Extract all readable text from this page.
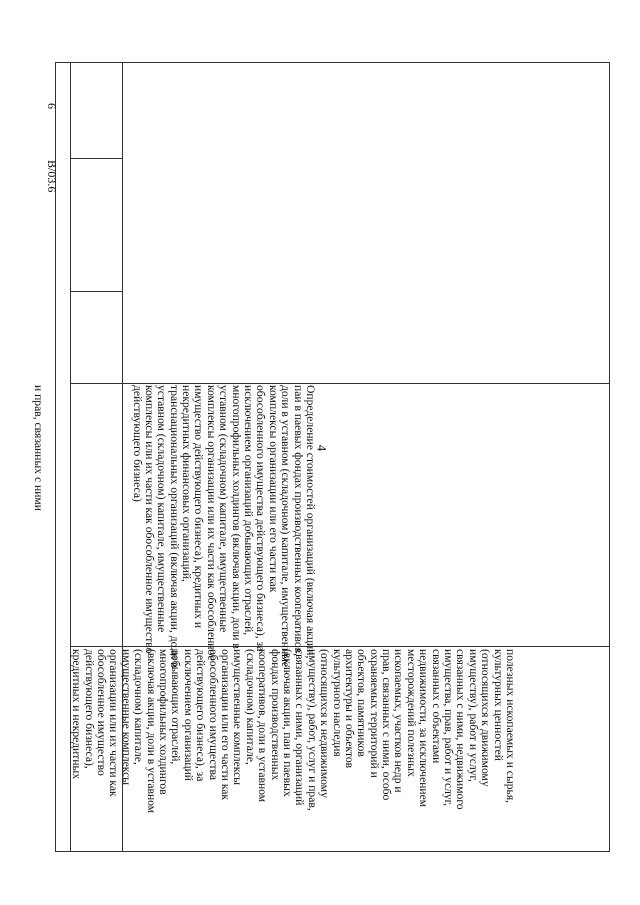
4

и прав, связанных с ними

полезных ископаемых и сырья,
культурных ценностей
(относящихся к движимому
имуществу), работ и услуг,
связанных с ними, недвижимого
имущества, прав, работ и услуг,
связанных с объектами
недвижимости, за исключением
месторождений полезных
ископаемых, участков недр и
прав, связанных с ними, особо
охраняемых территорий и
объектов, памятников
архитектуры и объектов
культурного наследия
(относящихся к недвижимому
имуществу), работ, услуг и прав,
связанных с ними, организаций
(включая акции, паи в паевых
фондах производственных
кооперативов, доли в уставном
(складочном) капитале,
имущественные комплексы
организации или его части как
обособленного имущества
действующего бизнеса), за
исключением организаций
добывающих отраслей,
многопрофильных холдингов
(включая акции, доли в уставном
(складочном) капитале,
имущественные комплексы
организации или их части как
обособленное имущество
действующего бизнеса),
кредитных и некредитных
Определение стоимостей организаций (включая акции,
паи в паевых фондах производственных кооперативов,
доли в уставном (складочном) капитале, имущественные
комплексы организации или его части как
обособленного имущества действующего бизнеса), за
исключением организаций добывающих отраслей,
многопрофильных холдингов (включая акции, доли в
уставном (складочном) капитале, имущественные
комплексы организации или их части как обособленное
имущество действующего бизнеса), кредитных и
некредитных финансовых организаций,
транснациональных организаций (включая акции, доли в
уставном (складочном) капитале, имущественные
комплексы или их части как обособленное имущество
действующего бизнеса)

В/03.6

6
